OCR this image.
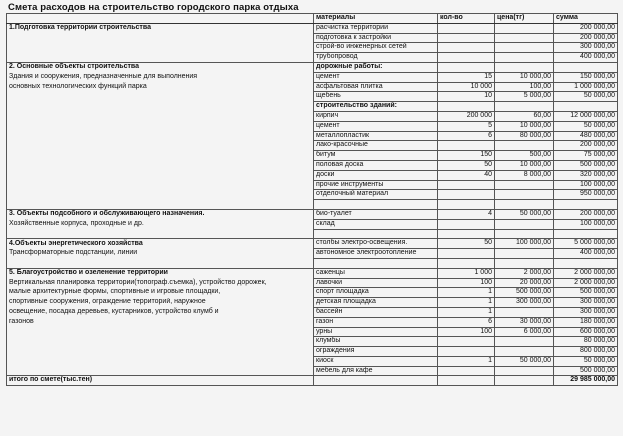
Смета расходов на строительство городского парка отдыха
	материалы	кол-во	цена(тг)	сумма
1.Подготовка территории строительства	расчистка территории			200 000,00
	подготовка к застройки			200 000,00
	строй-во инженерных сетей			300 000,00
	трубопровод			400 000,00
2. Основные объекты строительства	дорожные работы:			
Здания и сооружения, предназначенные для выполнения	цемент	15	10 000,00	150 000,00
основных технологических функций парка	асфальтовая плитка	10 000	100,00	1 000 000,00
	щебень	10	5 000,00	50 000,00
	строительство зданий:			
	кирпич	200 000	60,00	12 000 000,00
	цемент	5	10 000,00	50 000,00
	металлопластик	6	80 000,00	480 000,00
	лако-красочные			200 000,00
	битум	150	500,00	75 000,00
	половая доска	50	10 000,00	500 000,00
	доски	40	8 000,00	320 000,00
	прочие инструменты			100 000,00
	отделочный материал			950 000,00

3. Объекты подсобного и обслуживающего назначения.	био-туалет	4	50 000,00	200 000,00
Хозяйственные корпуса, проходные и др.	склад			100 000,00

4.Объекты энергетического хозяйства	столбы электро-освещения.	50	100 000,00	5 000 000,00
Трансформаторные подстанции, линии	автономное электроотопление			400 000,00

5. Благоустройство и озеленение территории	саженцы	1 000	2 000,00	2 000 000,00
Вертикальная планировка территории(топограф.съемка), устройство дорожек,	лавочки	100	20 000,00	2 000 000,00
малые архитектурные формы, спортивные и игровые площадки,	спорт площадка	1	500 000,00	500 000,00
спортивные сооружения, ограждение территорий, наружное	детская площадка	1	300 000,00	300 000,00
освещение, посадка деревьев, кустарников, устройство клумб и	бассейн	1		300 000,00
газонов	газон	6	30 000,00	180 000,00
	урны	100	6 000,00	600 000,00
	клумбы			80 000,00
	ограждения			800 000,00
	киоск	1	50 000,00	50 000,00
	мебель для кафе			500 000,00
итого по смете(тыс.тен)				29 985 000,00
